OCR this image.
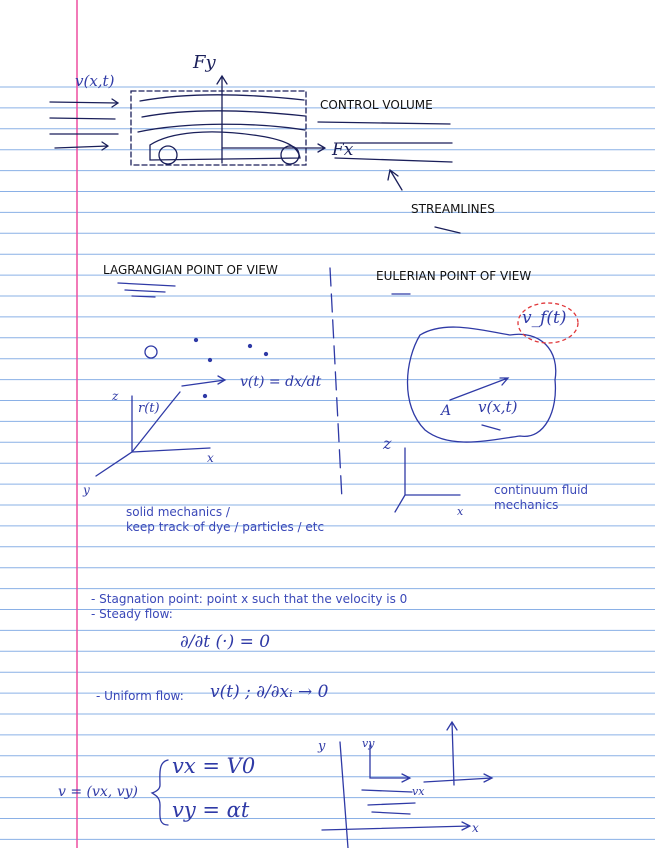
v(x,t)
Fy
Fx
CONTROL VOLUME
STREAMLINES
LAGRANGIAN POINT OF VIEW	EULERIAN POINT OF VIEW
r(t)
v(t) = dx/dt
z
x
y
solid mechanics /
keep track of dye / particles / etc
v_f(t)
A v(x,t)
z
x
continuum fluid
mechanics
- Stagnation point: point x such that the velocity is 0
- Steady flow:
∂/∂t (·) = 0
- Uniform flow: v(t) ; ∂/∂xᵢ → 0
v = (vx, vy)
vx = V0
vy = αt
y	vy
vx
x
